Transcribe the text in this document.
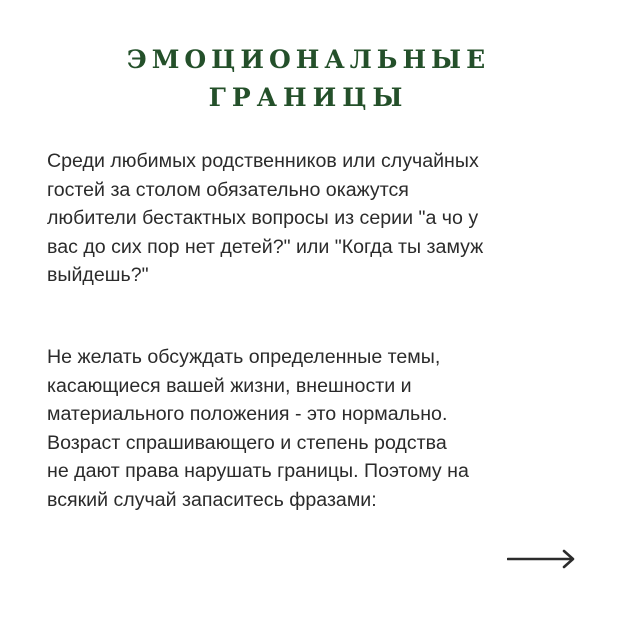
ЭМОЦИОНАЛЬНЫЕ
ГРАНИЦЫ

Среди любимых родственников или случайных
гостей за столом обязательно окажутся
любители бестактных вопросы из серии "а чо у
вас до сих пор нет детей?" или "Когда ты замуж
выйдешь?"

Не желать обсуждать определенные темы,
касающиеся вашей жизни, внешности и
материального положения - это нормально.
Возраст спрашивающего и степень родства
не дают права нарушать границы. Поэтому на
всякий случай запаситесь фразами:
